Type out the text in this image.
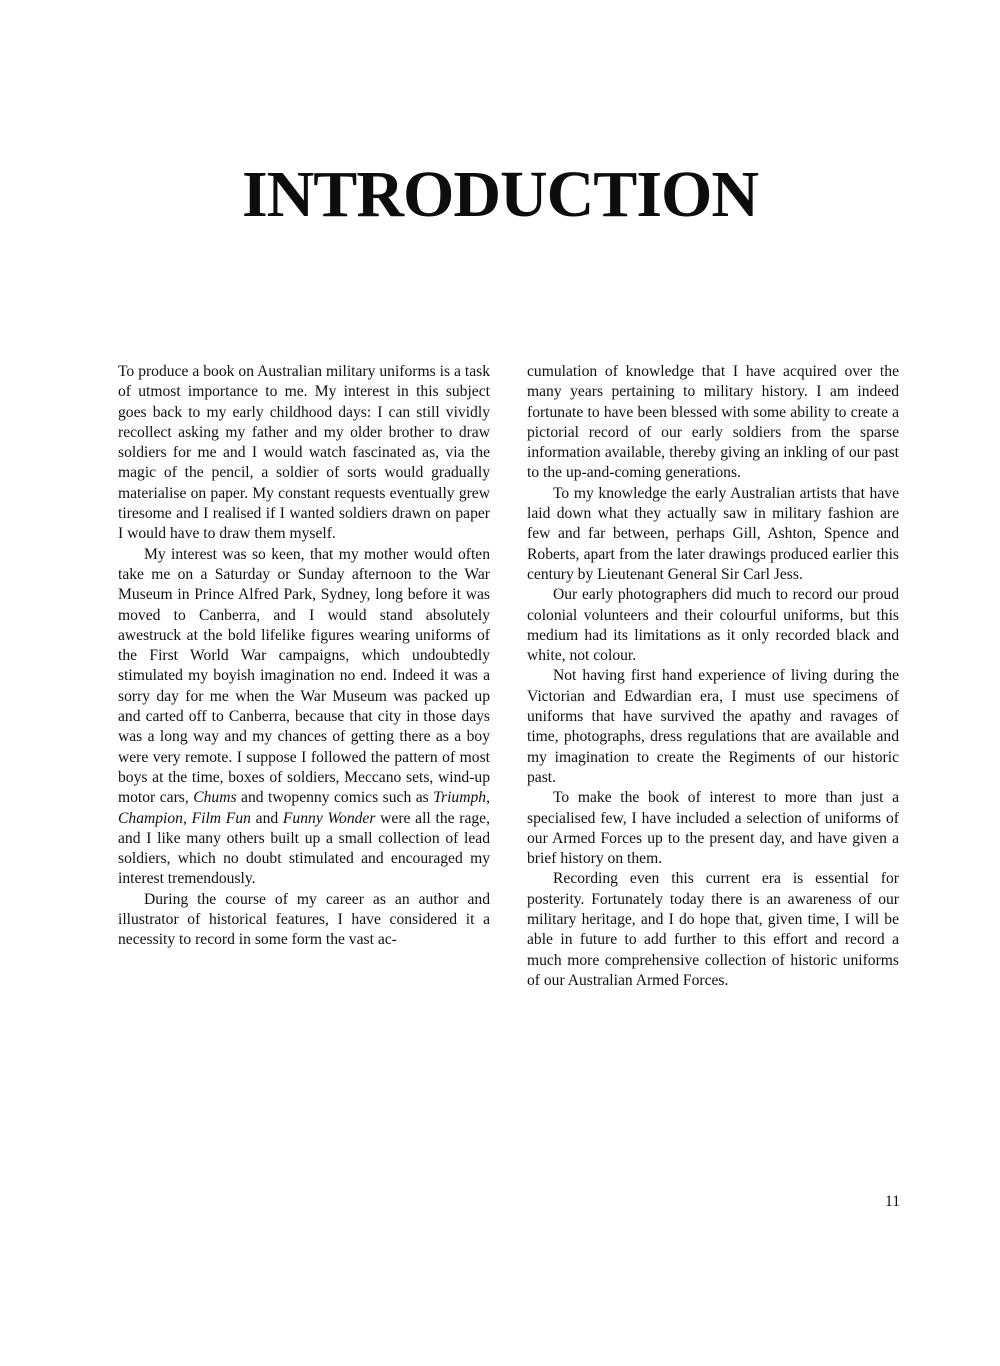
INTRODUCTION

To produce a book on Australian military uniforms is a task of utmost importance to me. My interest in this subject goes back to my early childhood days: I can still vividly recollect asking my father and my older brother to draw soldiers for me and I would watch fascinated as, via the magic of the pencil, a soldier of sorts would gradually materialise on paper. My constant requests eventually grew tiresome and I realised if I wanted soldiers drawn on paper I would have to draw them myself.

My interest was so keen, that my mother would often take me on a Saturday or Sunday afternoon to the War Museum in Prince Alfred Park, Sydney, long before it was moved to Canberra, and I would stand absolutely awestruck at the bold lifelike figures wearing uniforms of the First World War campaigns, which undoubtedly stimulated my boyish imagination no end. Indeed it was a sorry day for me when the War Museum was packed up and carted off to Canberra, because that city in those days was a long way and my chances of getting there as a boy were very remote. I suppose I followed the pattern of most boys at the time, boxes of soldiers, Meccano sets, wind-up motor cars, Chums and twopenny comics such as Triumph, Champion, Film Fun and Funny Wonder were all the rage, and I like many others built up a small collection of lead soldiers, which no doubt stimulated and encouraged my interest tremendously.

During the course of my career as an author and illustrator of historical features, I have considered it a necessity to record in some form the vast ac-

cumulation of knowledge that I have acquired over the many years pertaining to military history. I am indeed fortunate to have been blessed with some ability to create a pictorial record of our early soldiers from the sparse information available, thereby giving an inkling of our past to the up-and-coming generations.

To my knowledge the early Australian artists that have laid down what they actually saw in military fashion are few and far between, perhaps Gill, Ashton, Spence and Roberts, apart from the later drawings produced earlier this century by Lieutenant General Sir Carl Jess.

Our early photographers did much to record our proud colonial volunteers and their colourful uniforms, but this medium had its limitations as it only recorded black and white, not colour.

Not having first hand experience of living during the Victorian and Edwardian era, I must use specimens of uniforms that have survived the apathy and ravages of time, photographs, dress regulations that are available and my imagination to create the Regiments of our historic past.

To make the book of interest to more than just a specialised few, I have included a selection of uniforms of our Armed Forces up to the present day, and have given a brief history on them.

Recording even this current era is essential for posterity. Fortunately today there is an awareness of our military heritage, and I do hope that, given time, I will be able in future to add further to this effort and record a much more comprehensive collection of historic uniforms of our Australian Armed Forces.

11
